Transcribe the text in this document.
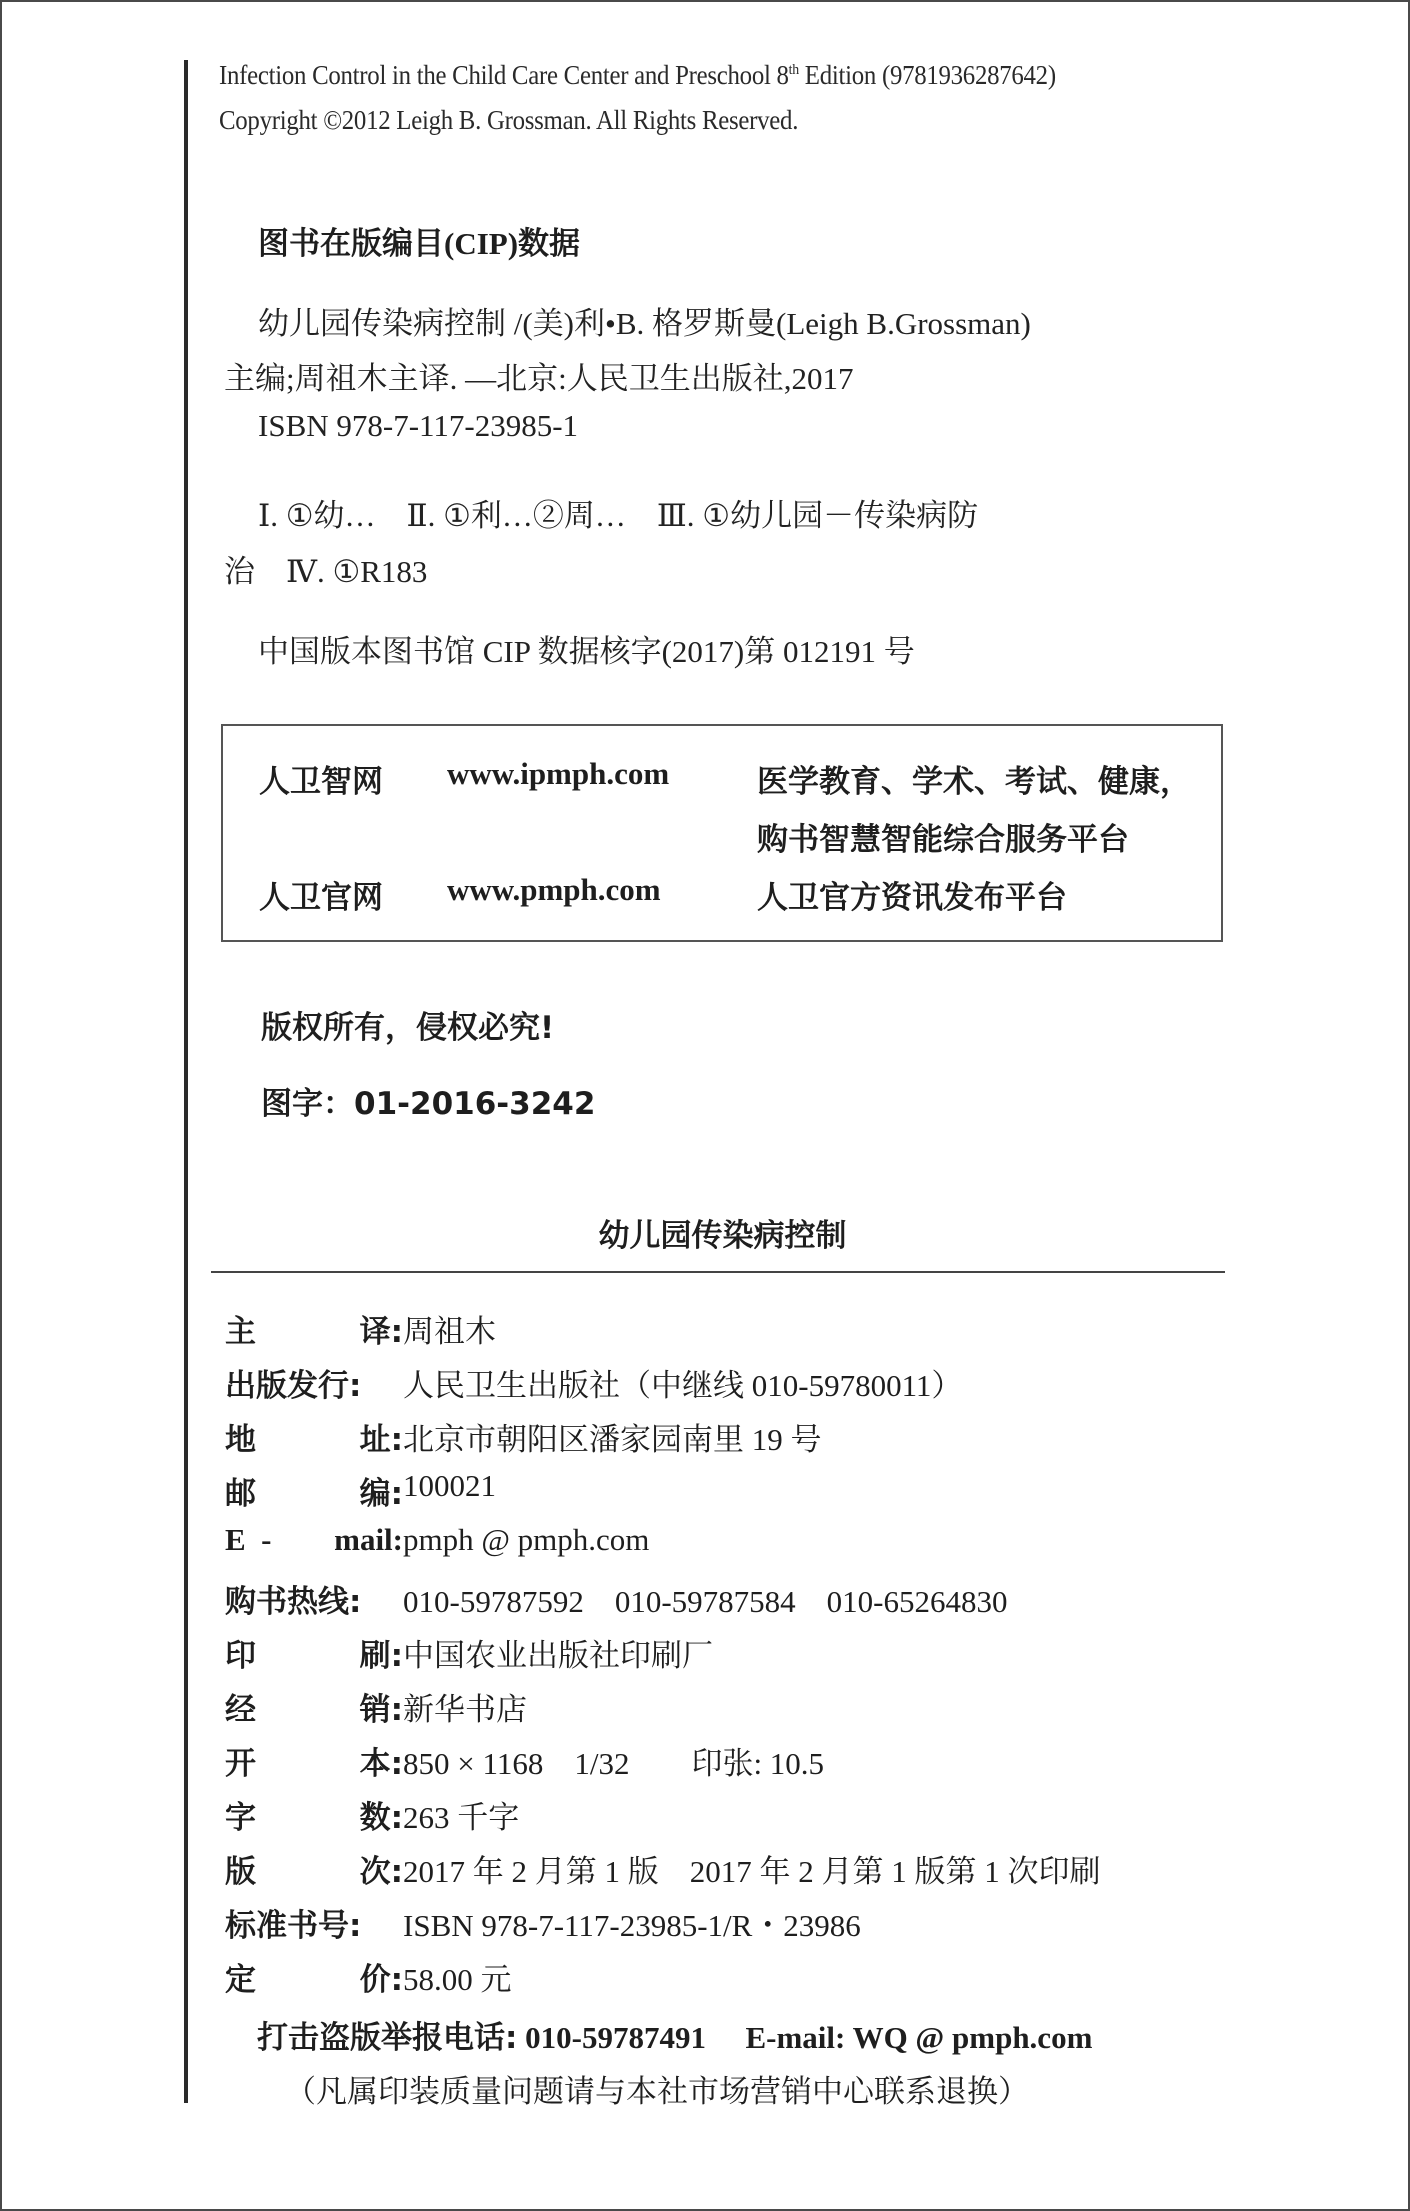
Infection Control in the Child Care Center and Preschool 8th Edition (9781936287642)
Copyright ©2012 Leigh B. Grossman. All Rights Reserved.
图书在版编目(CIP)数据
幼儿园传染病控制 /(美)利•B. 格罗斯曼(Leigh B.Grossman)
主编;周祖木主译. —北京:人民卫生出版社,2017
ISBN 978-7-117-23985-1
Ⅰ. ①幼…　Ⅱ. ①利…②周…　Ⅲ. ①幼儿园－传染病防
治　Ⅳ. ①R183
中国版本图书馆 CIP 数据核字(2017)第 012191 号
人卫智网 www.ipmph.com	医学教育、学术、考试、健康，
购书智慧智能综合服务平台
人卫官网 www.pmph.com	人卫官方资讯发布平台
版权所有，侵权必究!
图字：01-2016-3242
幼儿园传染病控制
主	译: 周祖木
出版发行: 人民卫生出版社（中继线 010-59780011）
地	址: 北京市朝阳区潘家园南里 19 号
邮	编: 100021
E  - mail: pmph @ pmph.com
购书热线: 010-59787592　010-59787584　010-65264830
印	刷: 中国农业出版社印刷厂
经	销: 新华书店
开	本: 850 × 1168　1/32　　印张: 10.5
字	数: 263 千字
版	次: 2017 年 2 月第 1 版　2017 年 2 月第 1 版第 1 次印刷
标准书号: ISBN 978-7-117-23985-1/R・23986
定	价: 58.00 元
打击盗版举报电话: 010-59787491 E-mail: WQ @ pmph.com
（凡属印装质量问题请与本社市场营销中心联系退换）
